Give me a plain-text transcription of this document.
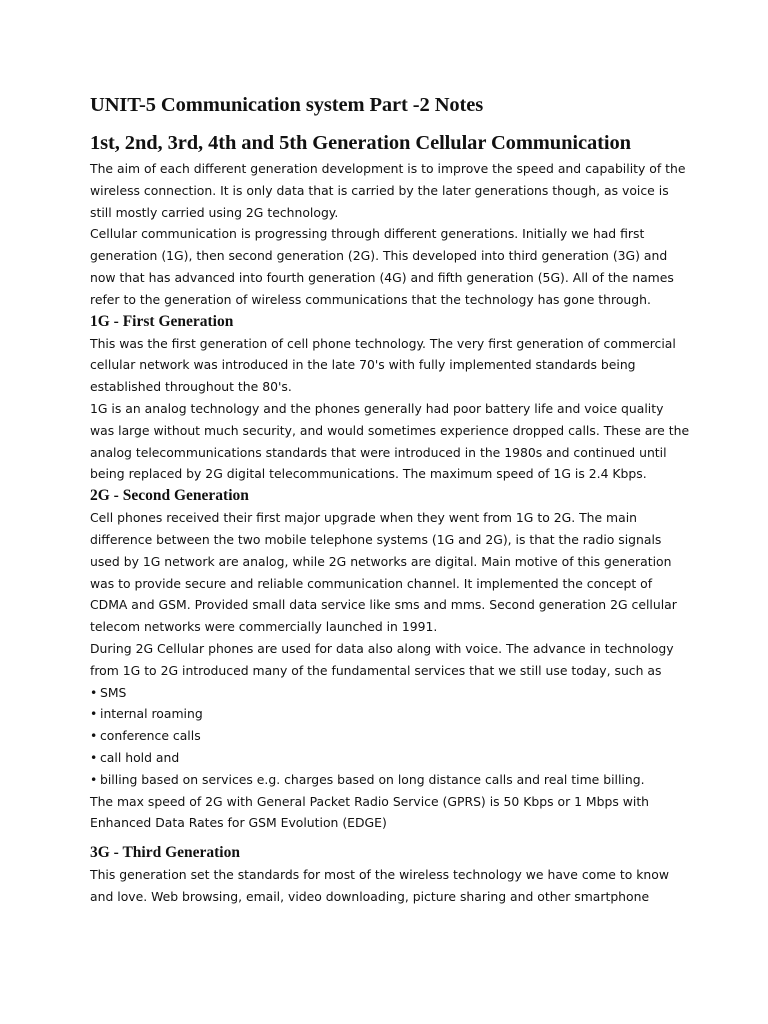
UNIT-5 Communication system Part -2 Notes
1st, 2nd, 3rd, 4th and 5th Generation Cellular Communication

The aim of each different generation development is to improve the speed and capability of the wireless connection. It is only data that is carried by the later generations though, as voice is still mostly carried using 2G technology.

Cellular communication is progressing through different generations. Initially we had first generation (1G), then second generation (2G). This developed into third generation (3G) and now that has advanced into fourth generation (4G) and fifth generation (5G). All of the names refer to the generation of wireless communications that the technology has gone through.

1G - First Generation

This was the first generation of cell phone technology. The very first generation of commercial cellular network was introduced in the late 70's with fully implemented standards being established throughout the 80's.

1G is an analog technology and the phones generally had poor battery life and voice quality was large without much security, and would sometimes experience dropped calls. These are the analog telecommunications standards that were introduced in the 1980s and continued until being replaced by 2G digital telecommunications. The maximum speed of 1G is 2.4 Kbps.

2G - Second Generation

Cell phones received their first major upgrade when they went from 1G to 2G. The main difference between the two mobile telephone systems (1G and 2G), is that the radio signals used by 1G network are analog, while 2G networks are digital. Main motive of this generation was to provide secure and reliable communication channel. It implemented the concept of CDMA and GSM. Provided small data service like sms and mms. Second generation 2G cellular telecom networks were commercially launched in 1991.

During 2G Cellular phones are used for data also along with voice. The advance in technology from 1G to 2G introduced many of the fundamental services that we still use today, such as

• SMS
• internal roaming
• conference calls
• call hold and
• billing based on services e.g. charges based on long distance calls and real time billing.

The max speed of 2G with General Packet Radio Service (GPRS) is 50 Kbps or 1 Mbps with Enhanced Data Rates for GSM Evolution (EDGE)

3G - Third Generation

This generation set the standards for most of the wireless technology we have come to know and love. Web browsing, email, video downloading, picture sharing and other smartphone
